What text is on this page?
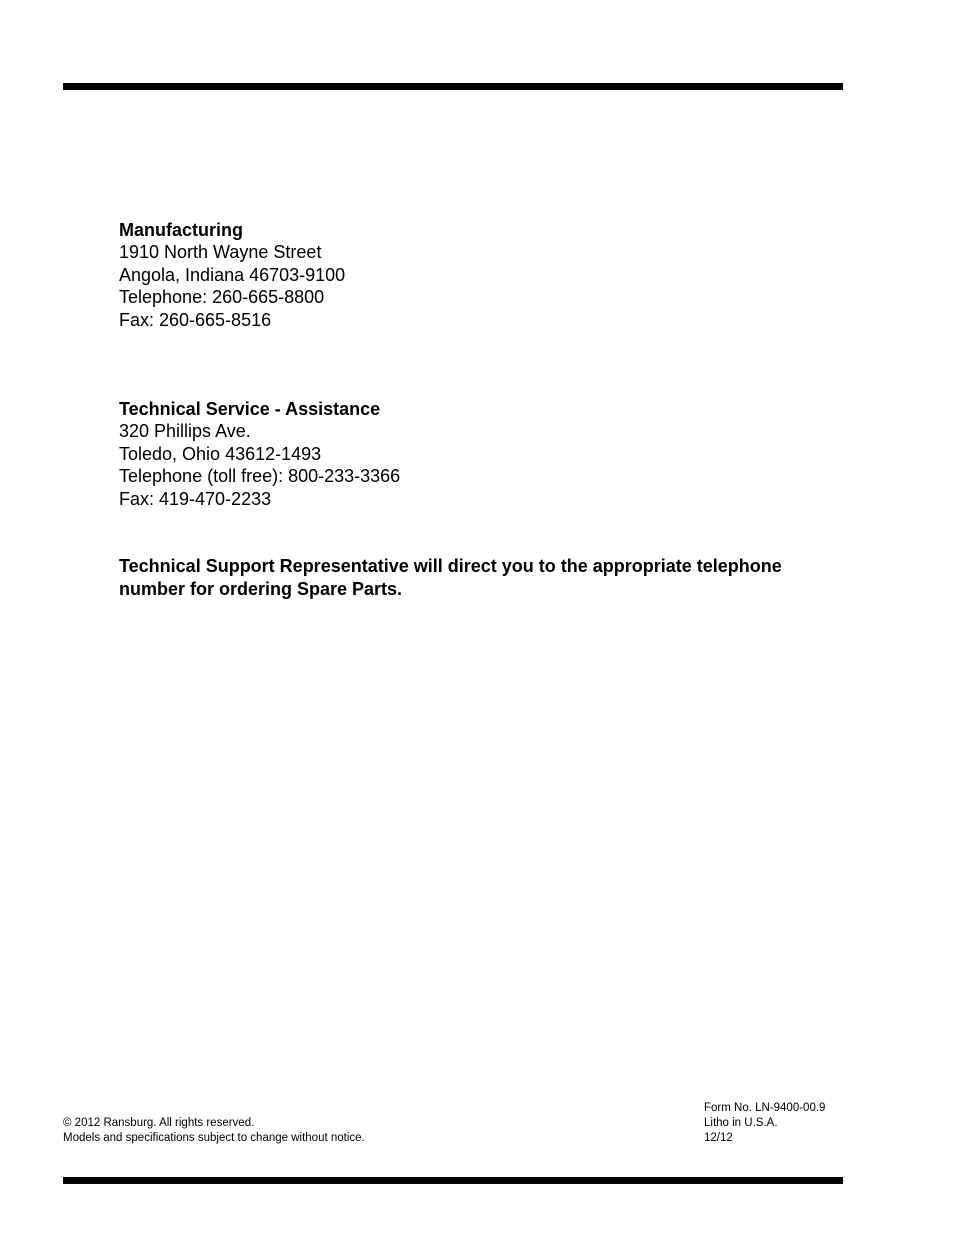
Manufacturing
1910 North Wayne Street
Angola, Indiana 46703-9100
Telephone: 260-665-8800
Fax: 260-665-8516
Technical Service - Assistance
320 Phillips Ave.
Toledo, Ohio 43612-1493
Telephone (toll free): 800-233-3366
Fax: 419-470-2233
Technical Support Representative will direct you to the appropriate telephone number for ordering Spare Parts.
© 2012 Ransburg. All rights reserved.
Models and specifications subject to change without notice.
Form No. LN-9400-00.9
Litho in U.S.A.
12/12
